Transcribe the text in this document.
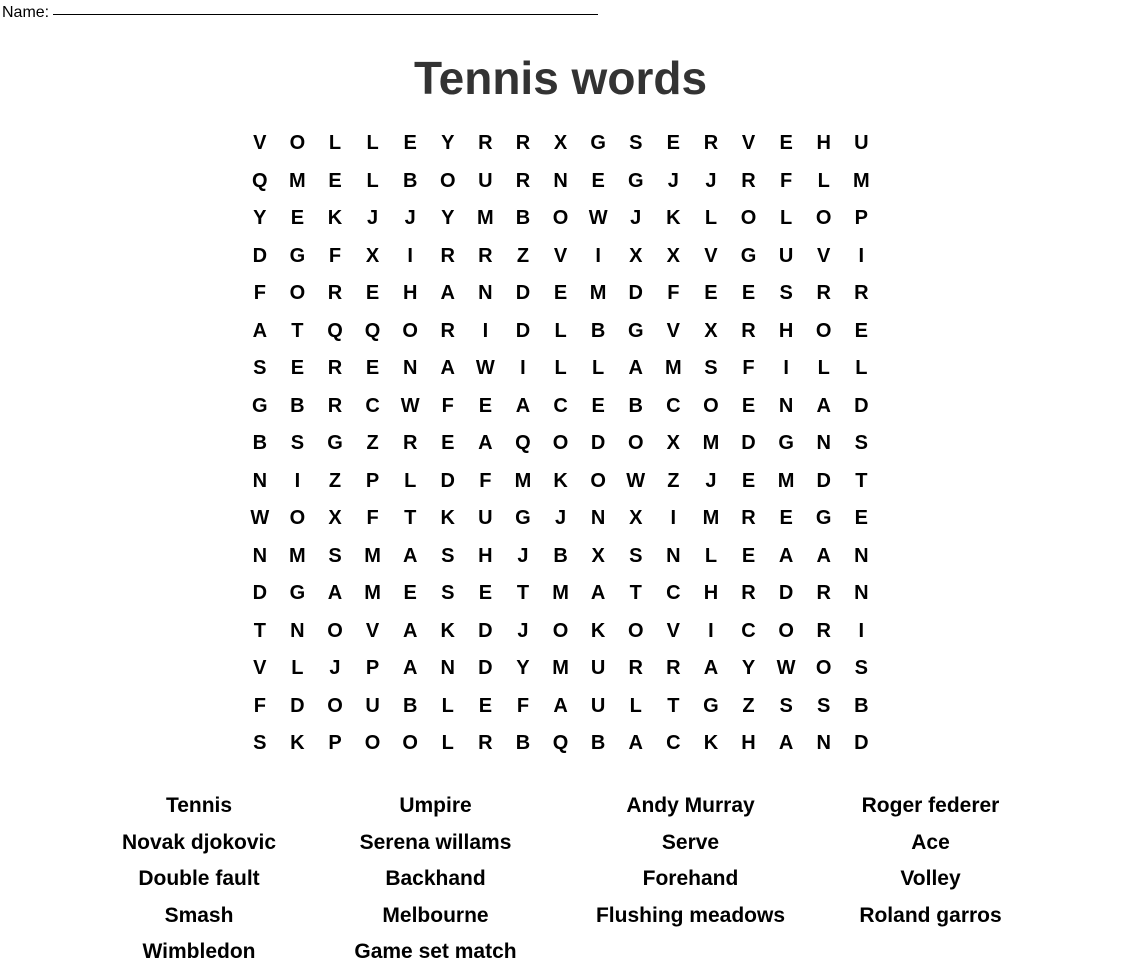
Name:
Tennis words
V	O	L	L	E	Y	R	R	X	G	S	E	R	V	E	H	U
Q	M	E	L	B	O	U	R	N	E	G	J	J	R	F	L	M
Y	E	K	J	J	Y	M	B	O	W	J	K	L	O	L	O	P
D	G	F	X	I	R	R	Z	V	I	X	X	V	G	U	V	I
F	O	R	E	H	A	N	D	E	M	D	F	E	E	S	R	R
A	T	Q	Q	O	R	I	D	L	B	G	V	X	R	H	O	E
S	E	R	E	N	A	W	I	L	L	A	M	S	F	I	L	L
G	B	R	C	W	F	E	A	C	E	B	C	O	E	N	A	D
B	S	G	Z	R	E	A	Q	O	D	O	X	M	D	G	N	S
N	I	Z	P	L	D	F	M	K	O	W	Z	J	E	M	D	T
W	O	X	F	T	K	U	G	J	N	X	I	M	R	E	G	E
N	M	S	M	A	S	H	J	B	X	S	N	L	E	A	A	N
D	G	A	M	E	S	E	T	M	A	T	C	H	R	D	R	N
T	N	O	V	A	K	D	J	O	K	O	V	I	C	O	R	I
V	L	J	P	A	N	D	Y	M	U	R	R	A	Y	W	O	S
F	D	O	U	B	L	E	F	A	U	L	T	G	Z	S	S	B
S	K	P	O	O	L	R	B	Q	B	A	C	K	H	A	N	D
Tennis	Umpire	Andy Murray	Roger federer
Novak djokovic	Serena willams	Serve	Ace
Double fault	Backhand	Forehand	Volley
Smash	Melbourne	Flushing meadows	Roland garros
Wimbledon	Game set match
